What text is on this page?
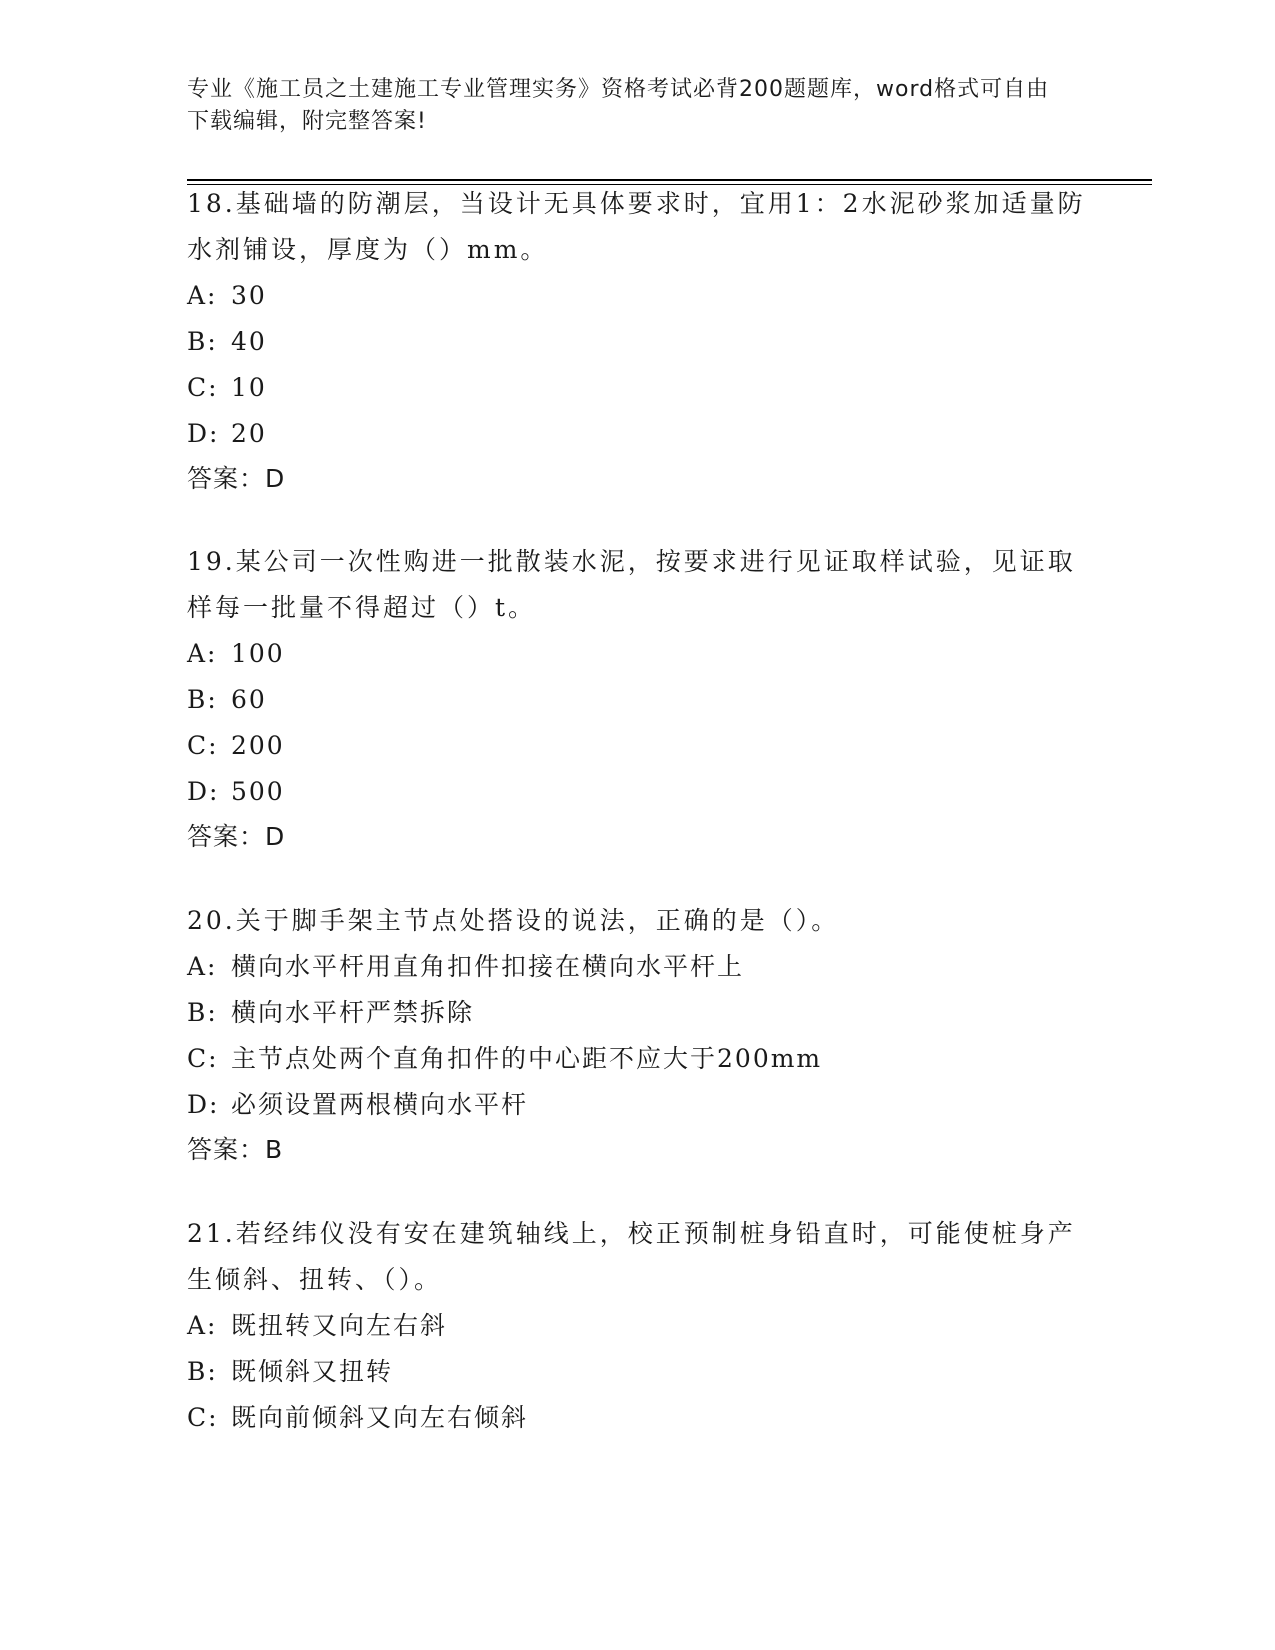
专业《施工员之土建施工专业管理实务》资格考试必背200题题库，word格式可自由下载编辑，附完整答案!

18.基础墙的防潮层，当设计无具体要求时，宜用1：2水泥砂浆加适量防水剂铺设，厚度为（）mm。

A: 30

B: 40

C: 10

D: 20

答案：D

19.某公司一次性购进一批散装水泥，按要求进行见证取样试验，见证取样每一批量不得超过（）t。

A: 100

B: 60

C: 200

D: 500

答案：D

20.关于脚手架主节点处搭设的说法，正确的是（）。

A: 横向水平杆用直角扣件扣接在横向水平杆上

B: 横向水平杆严禁拆除

C: 主节点处两个直角扣件的中心距不应大于200mm

D: 必须设置两根横向水平杆

答案：B

21.若经纬仪没有安在建筑轴线上，校正预制桩身铅直时，可能使桩身产生倾斜、扭转、（）。

A: 既扭转又向左右斜

B: 既倾斜又扭转

C: 既向前倾斜又向左右倾斜
